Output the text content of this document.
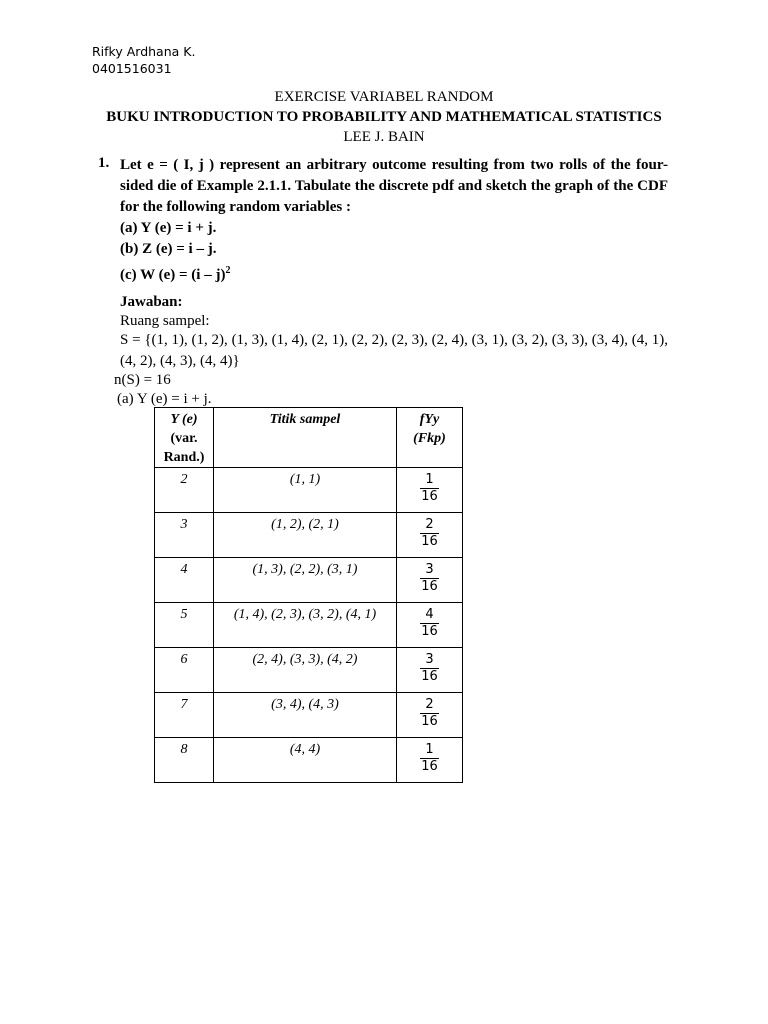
Rifky Ardhana K.
0401516031
EXERCISE VARIABEL RANDOM
BUKU INTRODUCTION TO PROBABILITY AND MATHEMATICAL STATISTICS
LEE J. BAIN
1. Let e = ( I, j ) represent an arbitrary outcome resulting from two rolls of the four-sided die of Example 2.1.1. Tabulate the discrete pdf and sketch the graph of the CDF for the following random variables :
(a) Y (e) = i + j.
(b) Z (e) = i – j.
(c) W (e) = (i – j)$^2$
Jawaban:
Ruang sampel:
S = {(1, 1), (1, 2), (1, 3), (1, 4), (2, 1), (2, 2), (2, 3), (2, 4), (3, 1), (3, 2), (3, 3), (3, 4), (4, 1), (4, 2), (4, 3), (4, 4)}
n(S) = 16
(a) Y (e) = i + j.
Y (e)
(var.
Rand.)	Titik sampel	fYy
(Fkp)
2	(1, 1)	$\frac{1}{16}$

3	(1, 2), (2, 1)	$\frac{2}{16}$

4	(1, 3), (2, 2), (3, 1)	$\frac{3}{16}$

5	(1, 4), (2, 3), (3, 2), (4, 1)	$\frac{4}{16}$

6	(2, 4), (3, 3), (4, 2)	$\frac{3}{16}$

7	(3, 4), (4, 3)	$\frac{2}{16}$

8	(4, 4)	$\frac{1}{16}$
